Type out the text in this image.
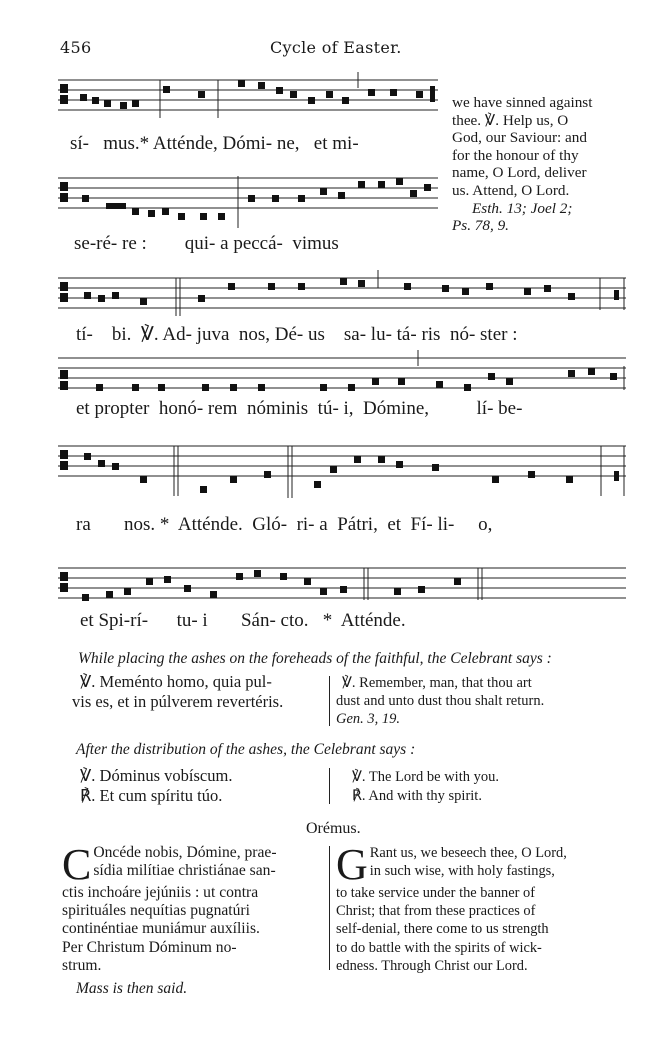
456	Cycle of Easter.
sí-   mus.* Atténde, Dómi- ne,   et mi-
se-ré- re :        qui- a peccá-  vimus
we have sinned against
thee. ℣. Help us, O
God, our Saviour: and
for the honour of thy
name, O Lord, deliver
us. Attend, O Lord.
Esth. 13; Joel 2;
Ps. 78, 9.
tí-    bi.  ℣. Ad- juva  nos, Dé- us    sa- lu- tá- ris  nó- ster :
et propter  honó- rem  nóminis  tú- i,  Dómine,          lí- be-
ra       nos. *  Atténde.  Gló-  ri- a  Pátri,  et  Fí- li-     o,
et Spi-rí-      tu- i       Sán- cto.   *  Atténde.
While placing the ashes on the foreheads of the faithful, the Celebrant says :
℣. Meménto homo, quia pul-
vis es, et in púlverem revertéris.
℣. Remember, man, that thou art
dust and unto dust thou shalt return.
Gen. 3, 19.
After the distribution of the ashes, the Celebrant says :
℣. Dóminus vobíscum.
℟. Et cum spíritu túo.
℣. The Lord be with you.
℟. And with thy spirit.
Orémus.
C Oncéde nobis, Dómine, prae-
sídia milítiae christiánae san-
ctis inchoáre jejúniis : ut contra
spirituáles nequítias pugnatúri
continéntiae muniámur auxíliis.
Per Christum Dóminum no-
strum.
G Rant us, we beseech thee, O Lord,
in such wise, with holy fastings,
to take service under the banner of
Christ; that from these practices of
self-denial, there come to us strength
to do battle with the spirits of wick-
edness. Through Christ our Lord.
Mass is then said.
